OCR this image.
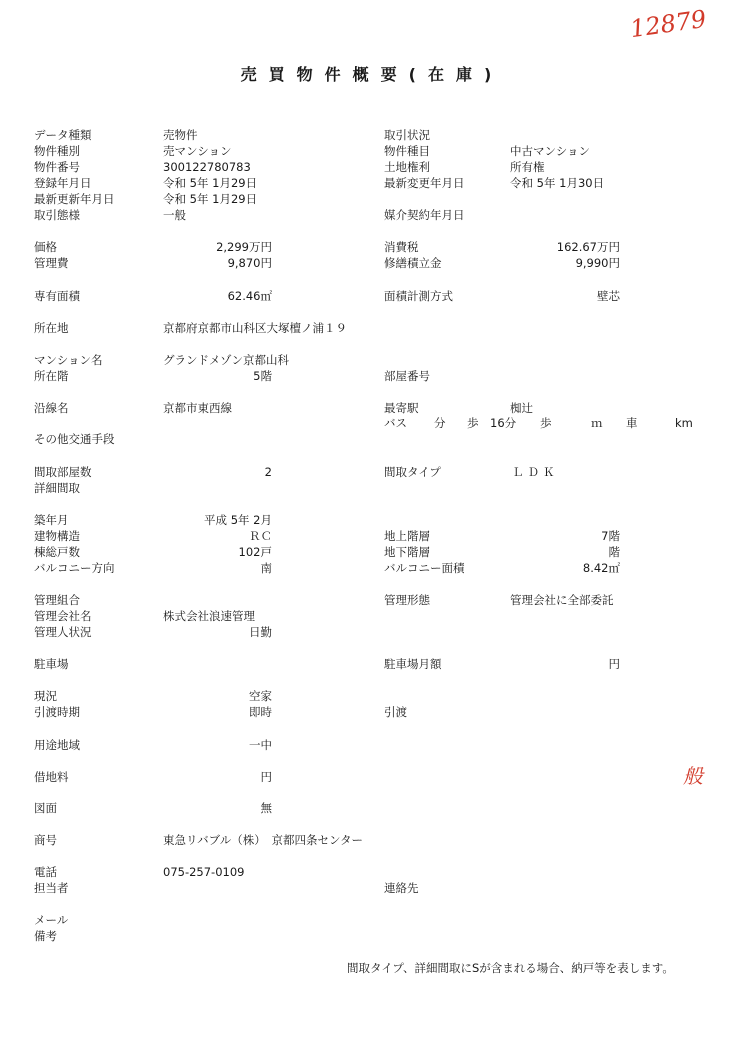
12879
般
売買物件概要(在庫)
データ種類	売物件
物件種別	売マンション
物件番号	300122780783
登録年月日	令和 5年 1月29日
最新更新年月日	令和 5年 1月29日
取引態様	一般
価格	2,299万円
管理費	9,870円
専有面積	62.46㎡
所在地	京都府京都市山科区大塚檀ノ浦１９
マンション名	グランドメゾン京都山科
所在階	5階
沿線名	京都市東西線
その他交通手段
間取部屋数	2
詳細間取
築年月	平成 5年 2月
建物構造	ＲＣ
棟総戸数	102戸
バルコニー方向	南
管理組合
管理会社名	株式会社浪速管理
管理人状況	日勤
駐車場
現況	空家
引渡時期	即時
用途地域	一中
借地料	円
図面	無
商号	東急リバブル（株）　京都四条センター
電話	075-257-0109
担当者
メール
備考
取引状況
物件種目	中古マンション
土地権利	所有権
最新変更年月日	令和 5年 1月30日
媒介契約年月日
消費税	162.67万円
修繕積立金	9,990円
面積計測方式	壁芯
部屋番号
最寄駅	椥辻
バス 分 歩 16分 歩	ｍ 車	km
間取タイプ	ＬＤＫ
地上階層	7階
地下階層	階
バルコニー面積	8.42㎡
管理形態	管理会社に全部委託
駐車場月額	円
引渡
連絡先
間取タイプ、詳細間取にSが含まれる場合、納戸等を表します。
